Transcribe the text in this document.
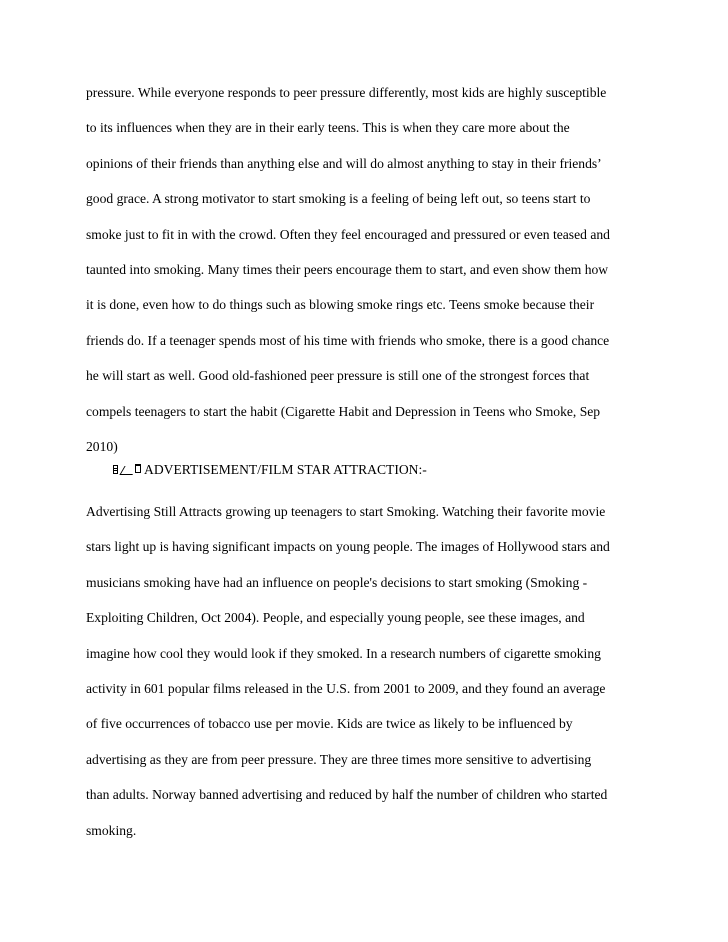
pressure. While everyone responds to peer pressure differently, most kids are highly susceptible
to its influences when they are in their early teens. This is when they care more about the
opinions of their friends than anything else and will do almost anything to stay in their friends’
good grace. A strong motivator to start smoking is a feeling of being left out, so teens start to
smoke just to fit in with the crowd. Often they feel encouraged and pressured or even teased and
taunted into smoking. Many times their peers encourage them to start, and even show them how
it is done, even how to do things such as blowing smoke rings etc. Teens smoke because their
friends do. If a teenager spends most of his time with friends who smoke, there is a good chance
he will start as well. Good old-fashioned peer pressure is still one of the strongest forces that
compels teenagers to start the habit (Cigarette Habit and Depression in Teens who Smoke, Sep
2010)
ADVERTISEMENT/FILM STAR ATTRACTION:-
Advertising Still Attracts growing up teenagers to start Smoking. Watching their favorite movie
stars light up is having significant impacts on young people. The images of Hollywood stars and
musicians smoking have had an influence on people's decisions to start smoking (Smoking -
Exploiting Children, Oct 2004). People, and especially young people, see these images, and
imagine how cool they would look if they smoked. In a research numbers of cigarette smoking
activity in 601 popular films released in the U.S. from 2001 to 2009, and they found an average
of five occurrences of tobacco use per movie. Kids are twice as likely to be influenced by
advertising as they are from peer pressure. They are three times more sensitive to advertising
than adults. Norway banned advertising and reduced by half the number of children who started
smoking.
